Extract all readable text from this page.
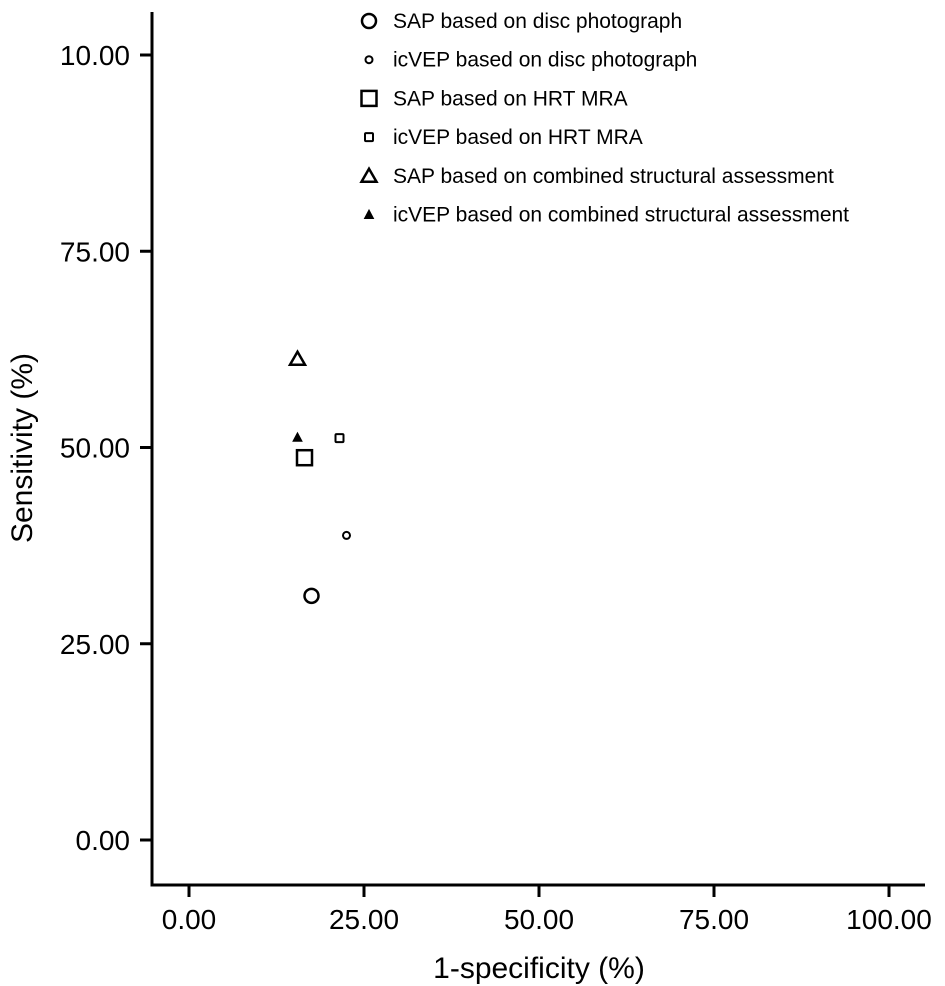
0.00	25.00	50.00	75.00	100.00
0.00
25.00
50.00
75.00
10.00
1-specificity (%)
Sensitivity (%)
SAP based on disc photograph
icVEP based on disc photograph
SAP based on HRT MRA
icVEP based on HRT MRA
SAP based on combined structural assessment
icVEP based on combined structural assessment
